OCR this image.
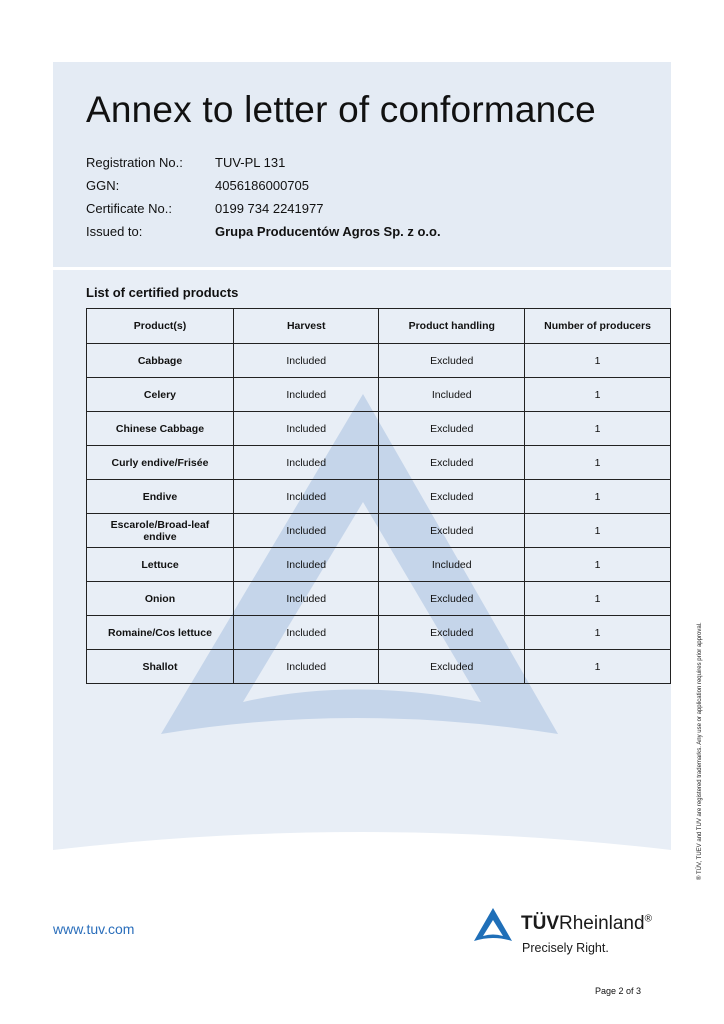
Annex to letter of conformance
Registration No.:	TUV-PL 131
GGN:	4056186000705
Certificate No.:	0199 734 2241977
Issued to:	Grupa Producentów Agros Sp. z o.o.
List of certified products
Product(s)	Harvest	Product handling	Number of producers
Cabbage	Included	Excluded	1
Celery	Included	Included	1
Chinese Cabbage	Included	Excluded	1
Curly endive/Frisée	Included	Excluded	1
Endive	Included	Excluded	1
Escarole/Broad-leaf endive	Included	Excluded	1
Lettuce	Included	Included	1
Onion	Included	Excluded	1
Romaine/Cos lettuce	Included	Excluded	1
Shallot	Included	Excluded	1
www.tuv.com	TÜVRheinland®
Precisely Right.
Page 2 of 3
® TÜV, TUEV and TUV are registered trademarks. Any use or application requires prior approval.
